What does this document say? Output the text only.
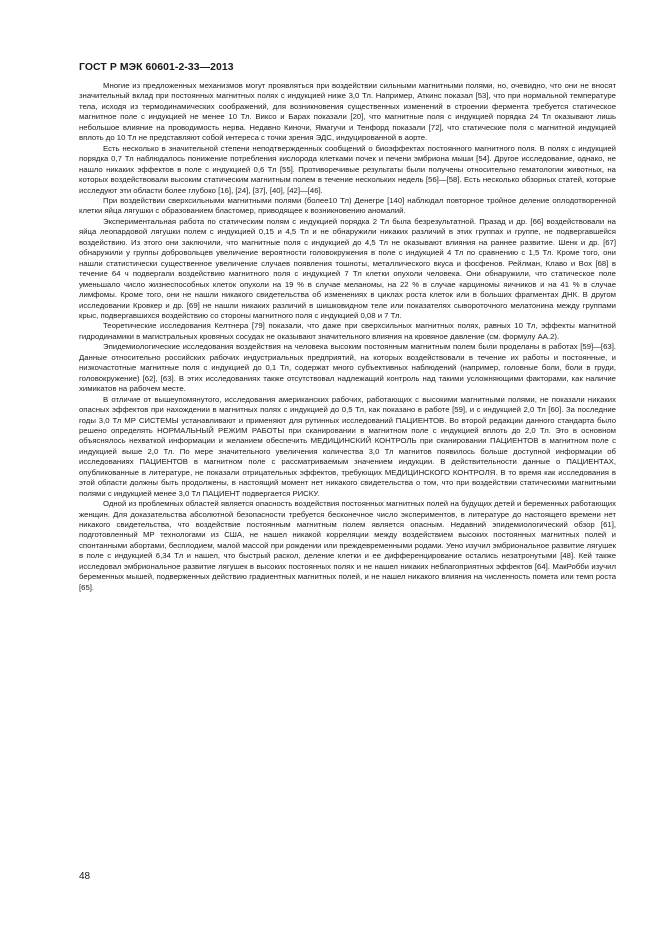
ГОСТ Р МЭК 60601-2-33—2013

Многие из предложенных механизмов могут проявляться при воздействии сильными магнитными полями, но, очевидно, что они не вносят значительный вклад при постоянных магнитных полях с индукцией ниже 3,0 Тл. Например, Аткинс показал [53], что при нормальной температуре тела, исходя из термодинамических соображений, для возникновения существенных изменений в строении фермента требуется статическое магнитное поле с индукцией не менее 10 Тл. Виксо и Барах показали [20], что магнитные поля с индукцией порядка 24 Тл оказывают лишь небольшое влияние на проводимость нерва. Недавно Киночи, Ямагучи и Тенфорд показали [72], что статические поля с магнитной индукцией вплоть до 10 Тл не представляют собой интереса с точки зрения ЭДС, индуцированной в аорте.

Есть несколько в значительной степени неподтвержденных сообщений о биоэффектах постоянного магнитного поля. В полях с индукцией порядка 0,7 Тл наблюдалось понижение потребления кислорода клетками почек и печени эмбриона мыши [54]. Другое исследование, однако, не нашло никаких эффектов в поле с индукцией 0,6 Тл [55]. Противоречивые результаты были получены относительно гематологии животных, на которых воздействовали высоким статическим магнитным полем в течение нескольких недель [56]—[58]. Есть несколько обзорных статей, которые исследуют эти области более глубоко [16], [24], [37], [40], [42]—[46].

При воздействии сверхсильными магнитными полями (более10 Тл) Денегре [140] наблюдал повторное тройное деление оплодотворенной клетки яйца лягушки с образованием бластомер, приводящее к возникновению аномалий.

Экспериментальная работа по статическим полям с индукцией порядка 2 Тл была безрезультатной. Празад и др. [66] воздействовали на яйца леопардовой лягушки полем с индукцией 0,15 и 4,5 Тл и не обнаружили никаких различий в этих группах и группе, не подвергавшейся воздействию. Из этого они заключили, что магнитные поля с индукцией до 4,5 Тл не оказывают влияния на раннее развитие. Шенк и др. [67] обнаружили у группы добровольцев увеличение вероятности головокружения в поле с индукцией 4 Тл по сравнению с 1,5 Тл. Кроме того, они нашли статистически существенное увеличение случаев появления тошноты, металлического вкуса и фосфенов. Рейлман, Клаво и Вох [68] в течение 64 ч подвергали воздействию магнитного поля с индукцией 7 Тл клетки опухоли человека. Они обнаружили, что статическое поле уменьшало число жизнеспособных клеток опухоли на 19 % в случае меланомы, на 22 % в случае карциномы яичников и на 41 % в случае лимфомы. Кроме того, они не нашли никакого свидетельства об изменениях в циклах роста клеток или в больших фрагментах ДНК. В другом исследовании Кровкер и др. [69] не нашли никаких различий в шишковидном теле или показателях сывороточного мелатонина между группами крыс, подвергавшихся воздействию со стороны магнитного поля с индукцией 0,08 и 7 Тл.

Теоретические исследования Келтнера [79] показали, что даже при сверхсильных магнитных полях, равных 10 Тл, эффекты магнитной гидродинамики в магистральных кровяных сосудах не оказывают значительного влияния на кровяное давление (см. формулу АА.2).

Эпидемиологические исследования воздействия на человека высоким постоянным магнитным полем были проделаны в работах [59]—[63]. Данные относительно российских рабочих индустриальных предприятий, на которых воздействовали в течение их работы и постоянные, и низкочастотные магнитные поля с индукцией до 0,1 Тл, содержат много субъективных наблюдений (например, головные боли, боли в груди, головокружение) [62], [63]. В этих исследованиях также отсутствовал надлежащий контроль над такими усложняющими факторами, как наличие химикатов на рабочем месте.

В отличие от вышеупомянутого, исследования американских рабочих, работающих с высокими магнитными полями, не показали никаких опасных эффектов при нахождении в магнитных полях с индукцией до 0,5 Тл, как показано в работе [59], и с индукцией 2,0 Тл [60]. За последние годы 3,0 Тл МР СИСТЕМЫ устанавливают и применяют для рутинных исследований ПАЦИЕНТОВ. Во второй редакции данного стандарта было решено определять НОРМАЛЬНЫЙ РЕЖИМ РАБОТЫ при сканировании в магнитном поле с индукцией вплоть до 2,0 Тл. Это в основном объяснялось нехваткой информации и желанием обеспечить МЕДИЦИНСКИЙ КОНТРОЛЬ при сканировании ПАЦИЕНТОВ в магнитном поле с индукцией выше 2,0 Тл. По мере значительного увеличения количества 3,0 Тл магнитов появилось больше доступной информации об исследованиях ПАЦИЕНТОВ в магнитном поле с рассматриваемым значением индукции. В действительности данные о ПАЦИЕНТАХ, опубликованные в литературе, не показали отрицательных эффектов, требующих МЕДИЦИНСКОГО КОНТРОЛЯ. В то время как исследования в этой области должны быть продолжены, в настоящий момент нет никакого свидетельства о том, что при воздействии статическими магнитными полями с индукцией менее 3,0 Тл ПАЦИЕНТ подвергается РИСКУ.

Одной из проблемных областей является опасность воздействия постоянных магнитных полей на будущих детей и беременных работающих женщин. Для доказательства абсолютной безопасности требуется бесконечное число экспериментов, в литературе до настоящего времени нет никакого свидетельства, что воздействие постоянным магнитным полем является опасным. Недавний эпидемиологический обзор [61], подготовленный МР технологами из США, не нашел никакой корреляции между воздействием высоких постоянных магнитных полей и спонтанными абортами, бесплодием, малой массой при рождении или преждевременными родами. Уено изучил эмбриональное развитие лягушек в поле с индукцией 6,34 Тл и нашел, что быстрый раскол, деление клетки и ее дифференцирование остались незатронутыми [48]. Кей также исследовал эмбриональное развитие лягушек в высоких постоянных полях и не нашел никаких неблагоприятных эффектов [64]. МакРобби изучил беременных мышей, подверженных действию градиентных магнитных полей, и не нашел никакого влияния на численность помета или темп роста [65].

48
